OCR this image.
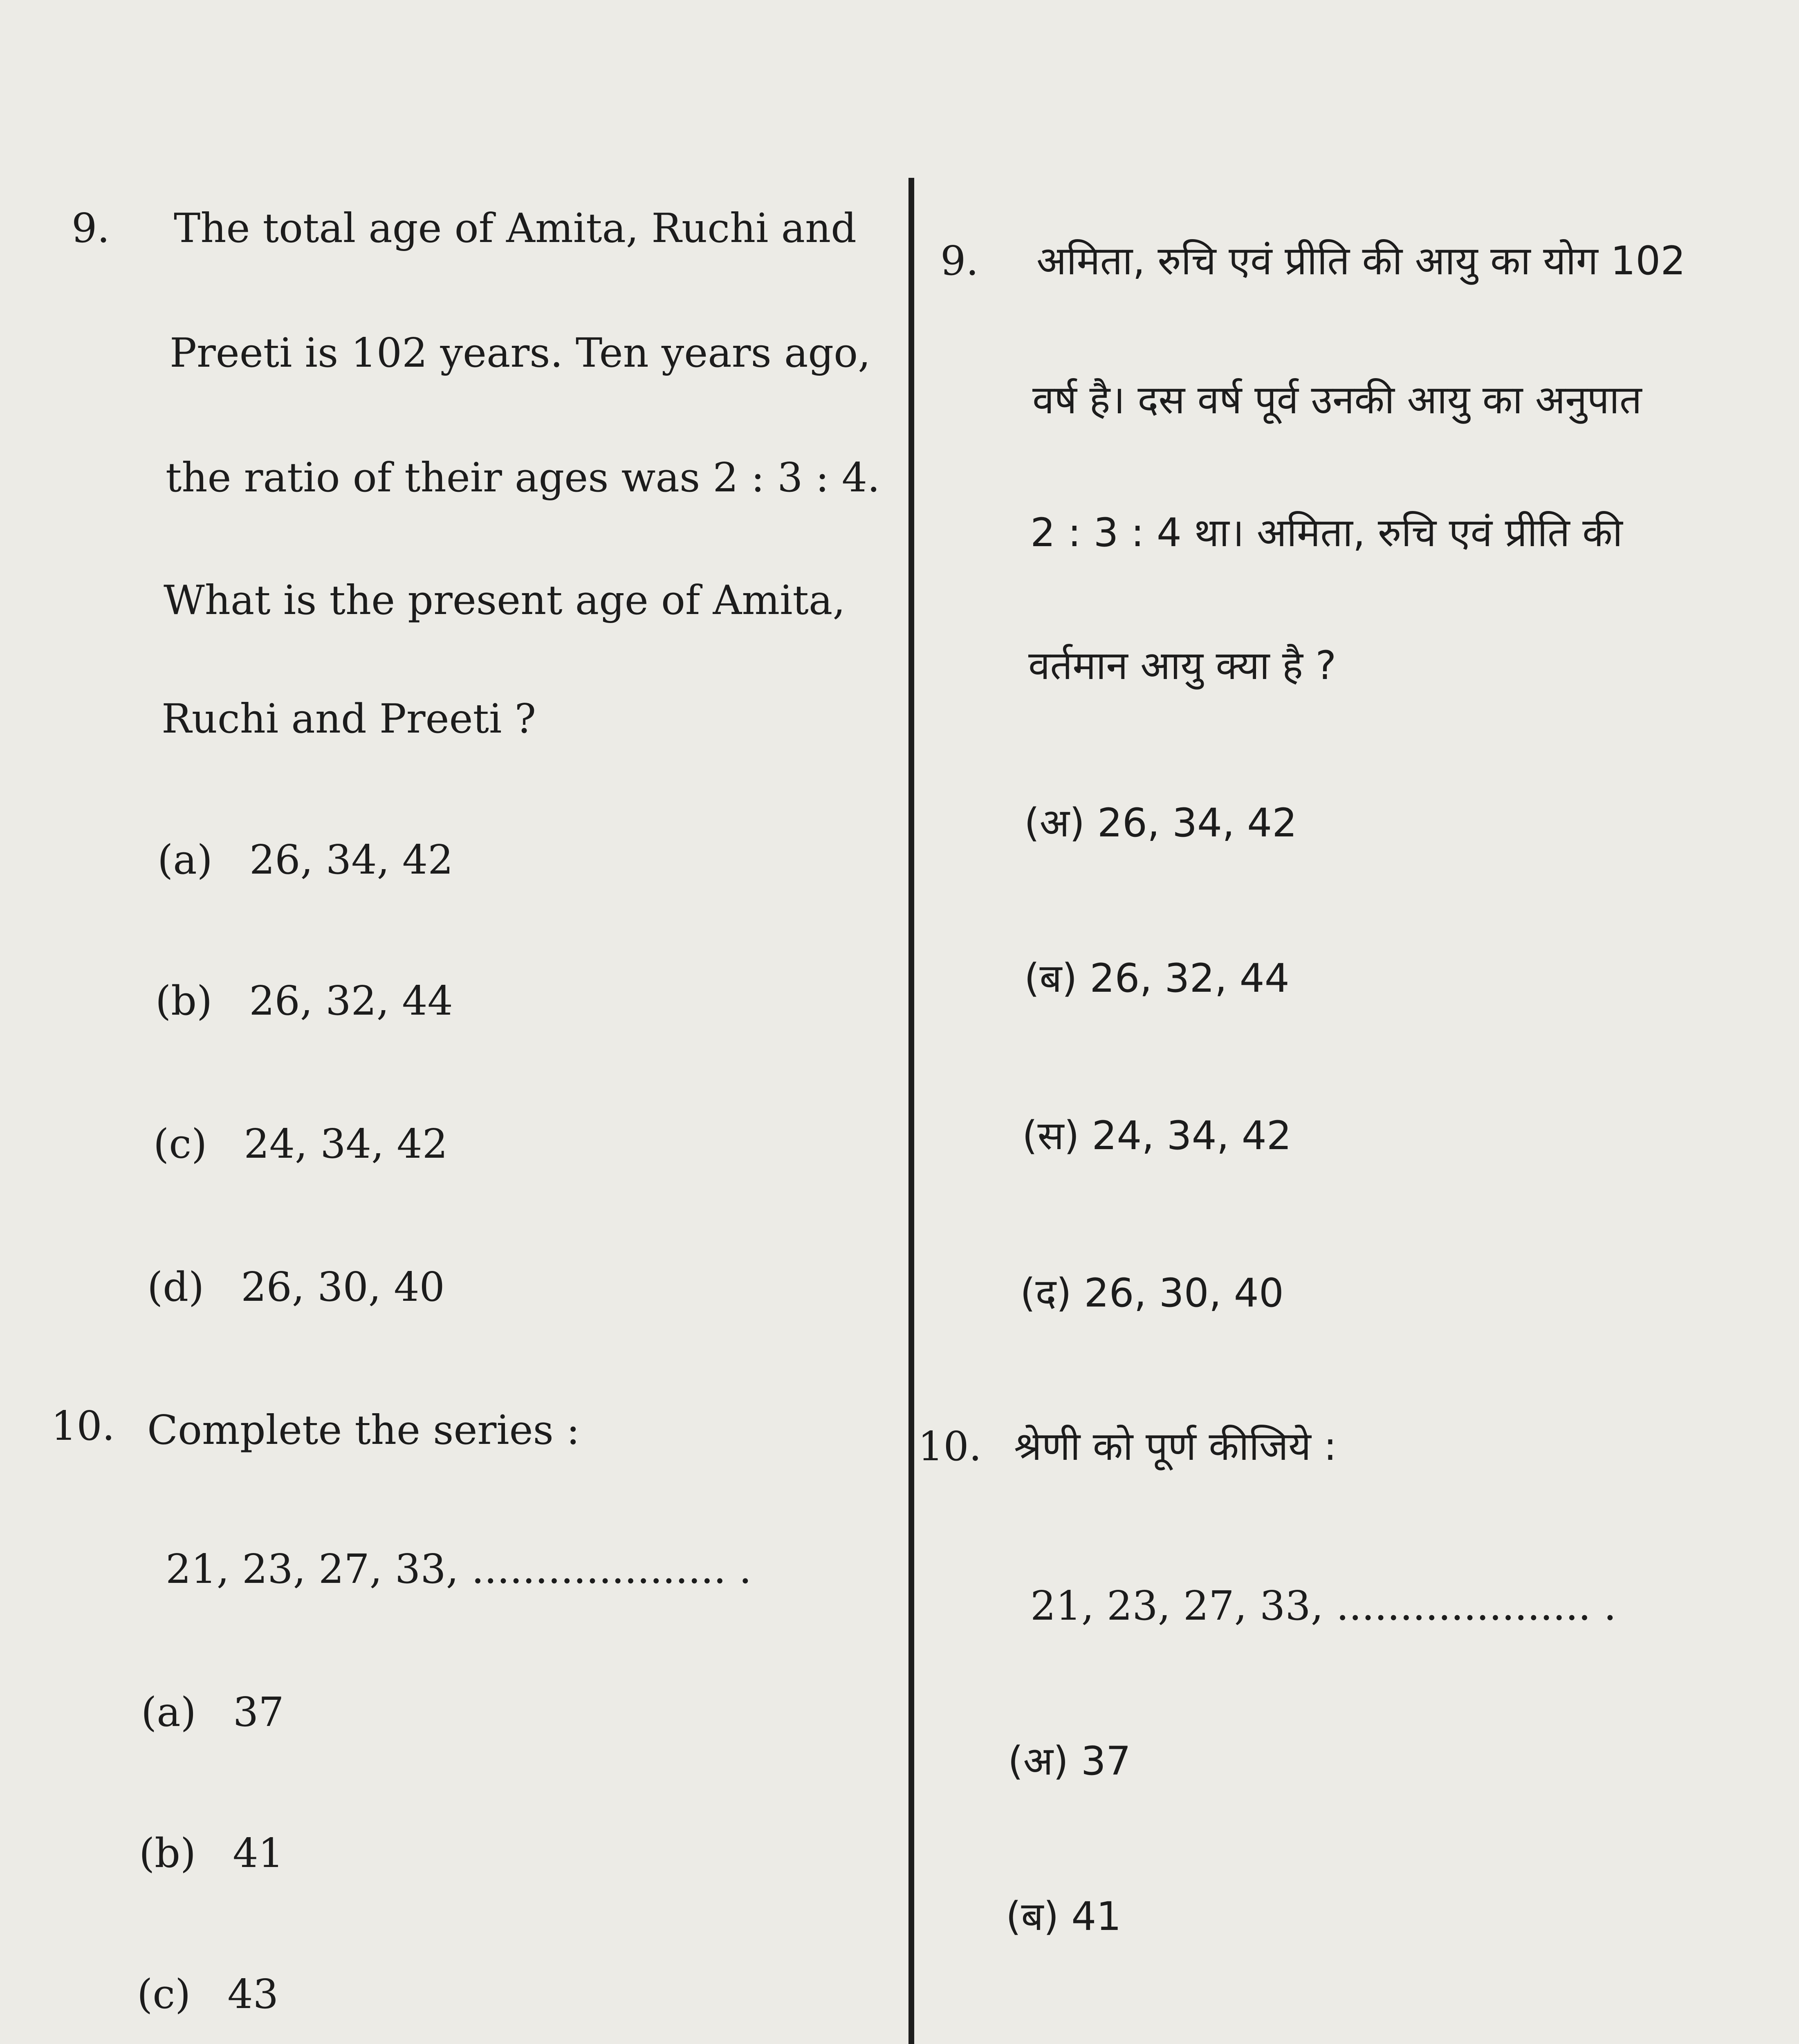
9. The total age of Amita, Ruchi and
Preeti is 102 years. Ten years ago,
the ratio of their ages was 2 : 3 : 4.
What is the present age of Amita,
Ruchi and Preeti ?
(a) 26, 34, 42
(b) 26, 32, 44
(c) 24, 34, 42
(d) 26, 30, 40
10. Complete the series :
21, 23, 27, 33, .................... .
(a) 37
(b) 41
(c) 43
9. अमिता, रुचि एवं प्रीति की आयु का योग 102
वर्ष है। दस वर्ष पूर्व उनकी आयु का अनुपात
2 : 3 : 4 था। अमिता, रुचि एवं प्रीति की
वर्तमान आयु क्या है ?
(अ) 26, 34, 42
(ब) 26, 32, 44
(स) 24, 34, 42
(द) 26, 30, 40
10. श्रेणी को पूर्ण कीजिये :
21, 23, 27, 33, .................... .
(अ) 37
(ब) 41
